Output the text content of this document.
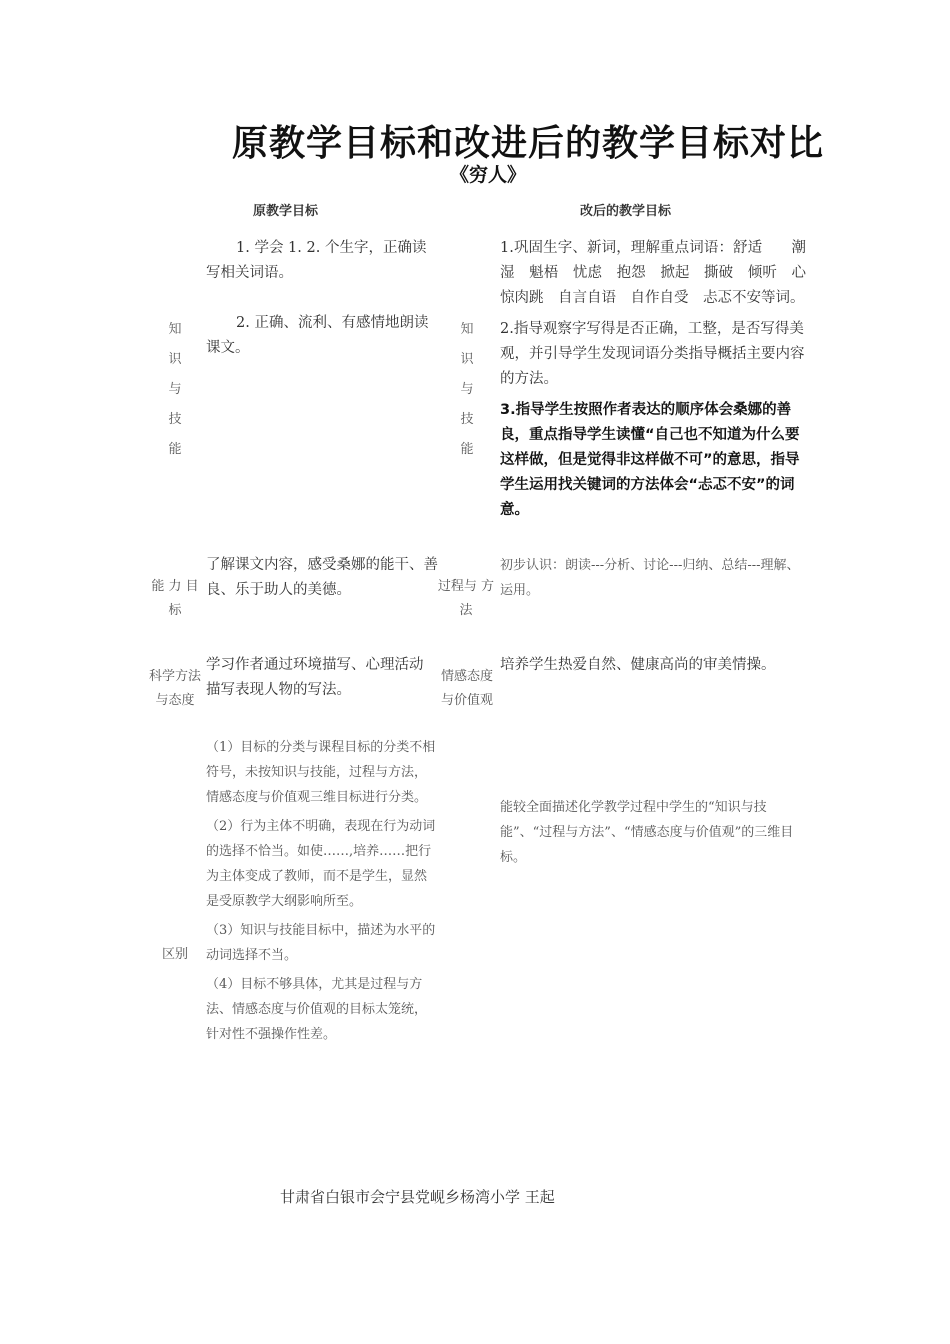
原教学目标和改进后的教学目标对比
《穷人》
原教学目标	改后的教学目标
知
识
与
技
能
知
识
与
技
能

1. 学会 1. 2. 个生字，正确读写相关词语。

2. 正确、流利、有感情地朗读课文。

1.巩固生字、新词，理解重点词语：舒适　　潮湿　魁梧　忧虑　抱怨　掀起　撕破　倾听　心惊肉跳　自言自语　自作自受　忐忑不安等词。

2.指导观察字写得是否正确，工整，是否写得美观，并引导学生发现词语分类指导概括主要内容的方法。

3.指导学生按照作者表达的顺序体会桑娜的善良，重点指导学生读懂“自己也不知道为什么要这样做，但是觉得非这样做不可”的意思，指导学生运用找关键词的方法体会“忐忑不安”的词意。

能 力 目
标
了解课文内容，感受桑娜的能干、善良、乐于助人的美德。	过程与 方
法
初步认识：朗读---分析、讨论---归纳、总结---理解、运用。
科学方法
与态度
学习作者通过环境描写、心理活动描写表现人物的写法。
情感态度
与价值观
培养学生热爱自然、健康高尚的审美情操。
区别

（1）目标的分类与课程目标的分类不相符号，未按知识与技能，过程与方法，情感态度与价值观三维目标进行分类。

（2）行为主体不明确，表现在行为动词的选择不恰当。如使……,培养……把行为主体变成了教师，而不是学生，显然是受原教学大纲影响所至。

（3）知识与技能目标中，描述为水平的动词选择不当。

（4）目标不够具体，尤其是过程与方法、情感态度与价值观的目标太笼统，针对性不强操作性差。

能较全面描述化学教学过程中学生的“知识与技能”、“过程与方法”、“情感态度与价值观”的三维目标。
甘肃省白银市会宁县党岘乡杨湾小学 王起
